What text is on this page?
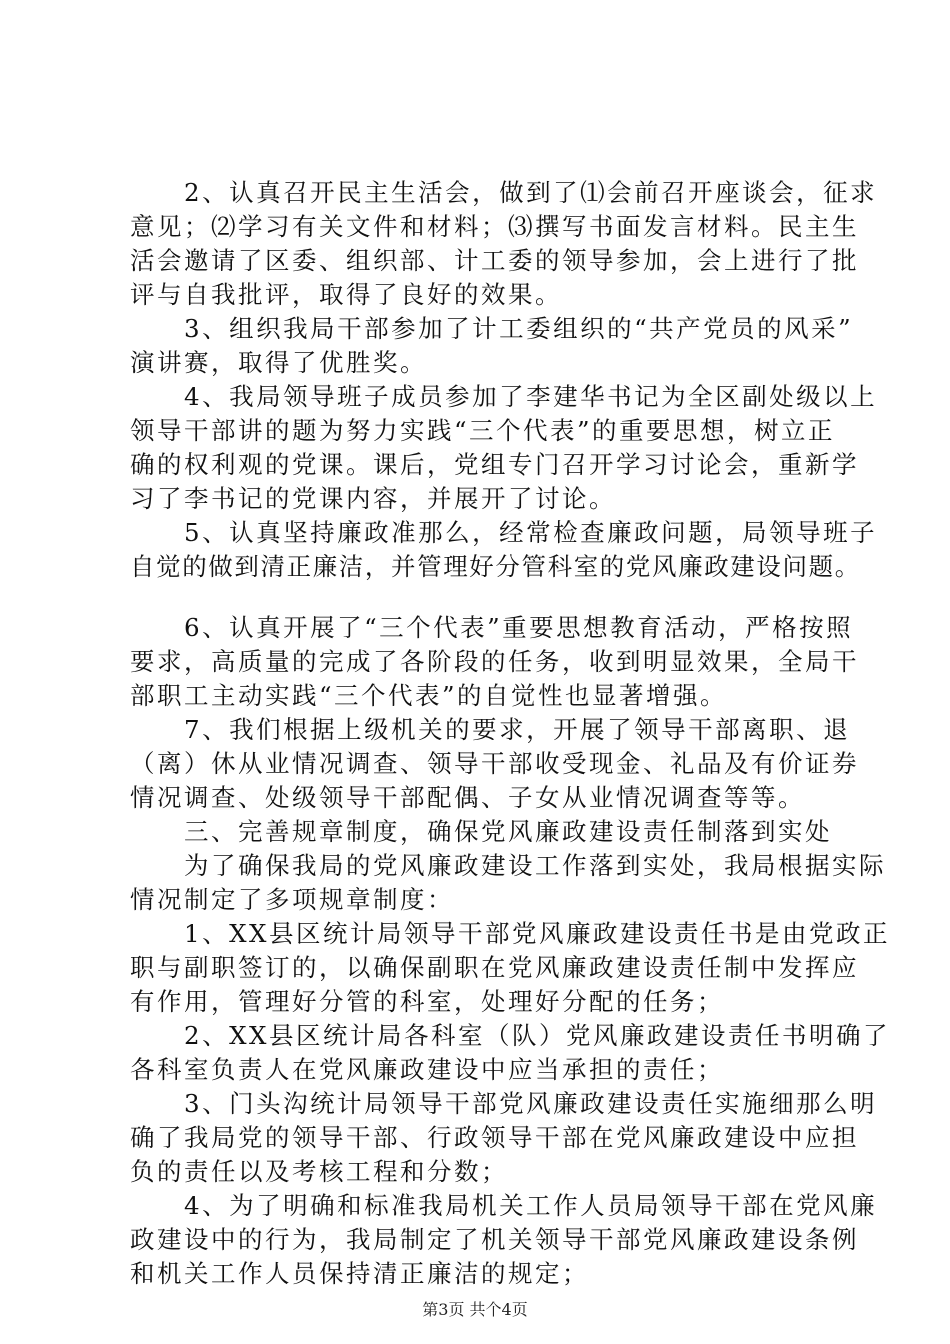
　　2、认真召开民主生活会，做到了⑴会前召开座谈会，征求
意见；⑵学习有关文件和材料；⑶撰写书面发言材料。民主生
活会邀请了区委、组织部、计工委的领导参加，会上进行了批
评与自我批评，取得了良好的效果。
　　3、组织我局干部参加了计工委组织的“共产党员的风采”
演讲赛，取得了优胜奖。
　　4、我局领导班子成员参加了李建华书记为全区副处级以上
领导干部讲的题为努力实践“三个代表”的重要思想，树立正
确的权利观的党课。课后，党组专门召开学习讨论会，重新学
习了李书记的党课内容，并展开了讨论。
　　5、认真坚持廉政准那么，经常检查廉政问题，局领导班子
自觉的做到清正廉洁，并管理好分管科室的党风廉政建设问题。
　　6、认真开展了“三个代表”重要思想教育活动，严格按照
要求，高质量的完成了各阶段的任务，收到明显效果，全局干
部职工主动实践“三个代表”的自觉性也显著增强。
　　7、我们根据上级机关的要求，开展了领导干部离职、退
（离）休从业情况调查、领导干部收受现金、礼品及有价证券
情况调查、处级领导干部配偶、子女从业情况调查等等。
　　三、完善规章制度，确保党风廉政建设责任制落到实处
　　为了确保我局的党风廉政建设工作落到实处，我局根据实际
情况制定了多项规章制度：
　　1、XX县区统计局领导干部党风廉政建设责任书是由党政正
职与副职签订的，以确保副职在党风廉政建设责任制中发挥应
有作用，管理好分管的科室，处理好分配的任务；
　　2、XX县区统计局各科室（队）党风廉政建设责任书明确了
各科室负责人在党风廉政建设中应当承担的责任；
　　3、门头沟统计局领导干部党风廉政建设责任实施细那么明
确了我局党的领导干部、行政领导干部在党风廉政建设中应担
负的责任以及考核工程和分数；
　　4、为了明确和标准我局机关工作人员局领导干部在党风廉
政建设中的行为，我局制定了机关领导干部党风廉政建设条例
和机关工作人员保持清正廉洁的规定；
第3页 共个4页
